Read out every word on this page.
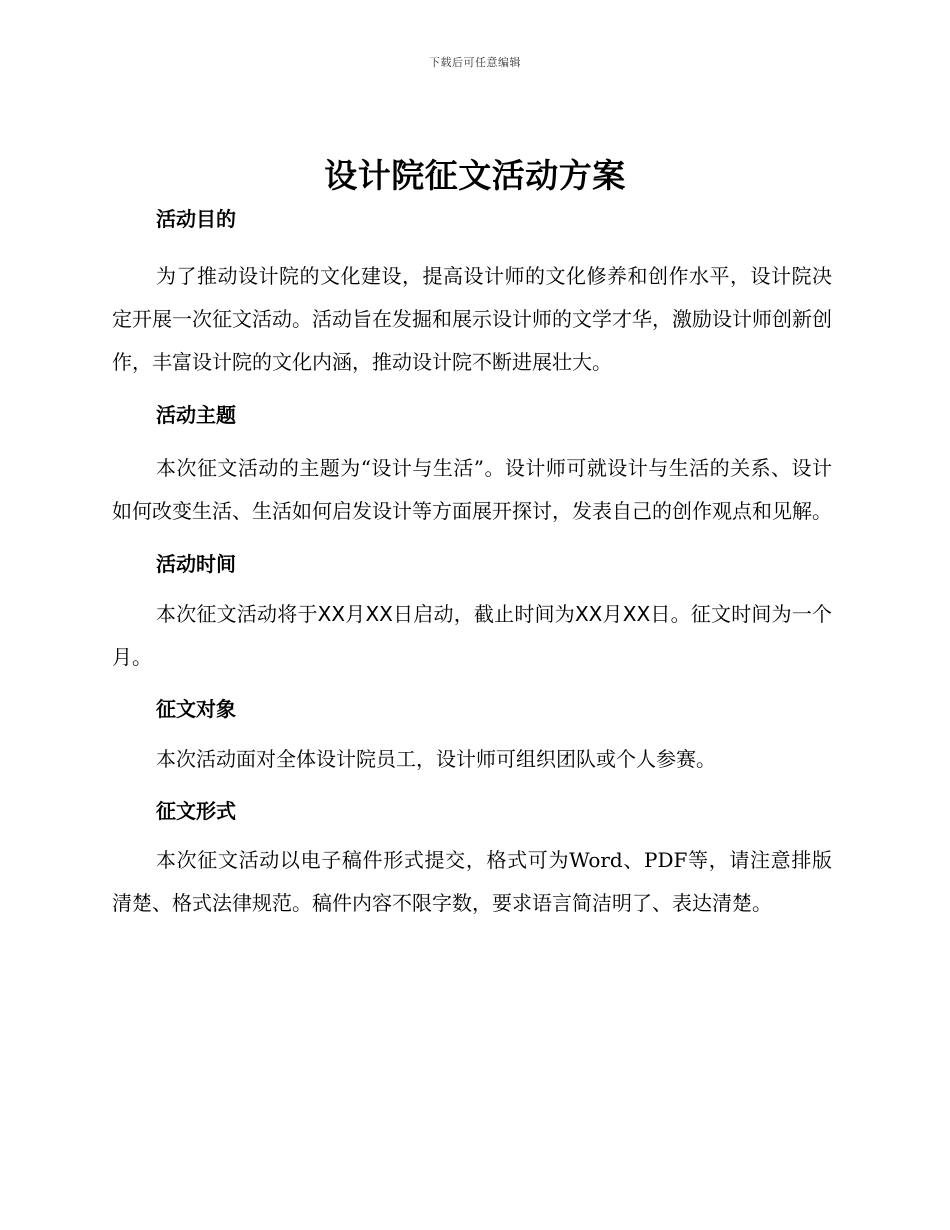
下载后可任意编辑
设计院征文活动方案
活动目的

为了推动设计院的文化建设，提高设计师的文化修养和创作水平，设计院决定开展一次征文活动。活动旨在发掘和展示设计师的文学才华，激励设计师创新创作，丰富设计院的文化内涵，推动设计院不断进展壮大。

活动主题

本次征文活动的主题为“设计与生活”。设计师可就设计与生活的关系、设计如何改变生活、生活如何启发设计等方面展开探讨，发表自己的创作观点和见解。

活动时间

本次征文活动将于XX月XX日启动，截止时间为XX月XX日。征文时间为一个月。

征文对象

本次活动面对全体设计院员工，设计师可组织团队或个人参赛。

征文形式

本次征文活动以电子稿件形式提交，格式可为Word、PDF等，请注意排版清楚、格式法律规范。稿件内容不限字数，要求语言简洁明了、表达清楚。
